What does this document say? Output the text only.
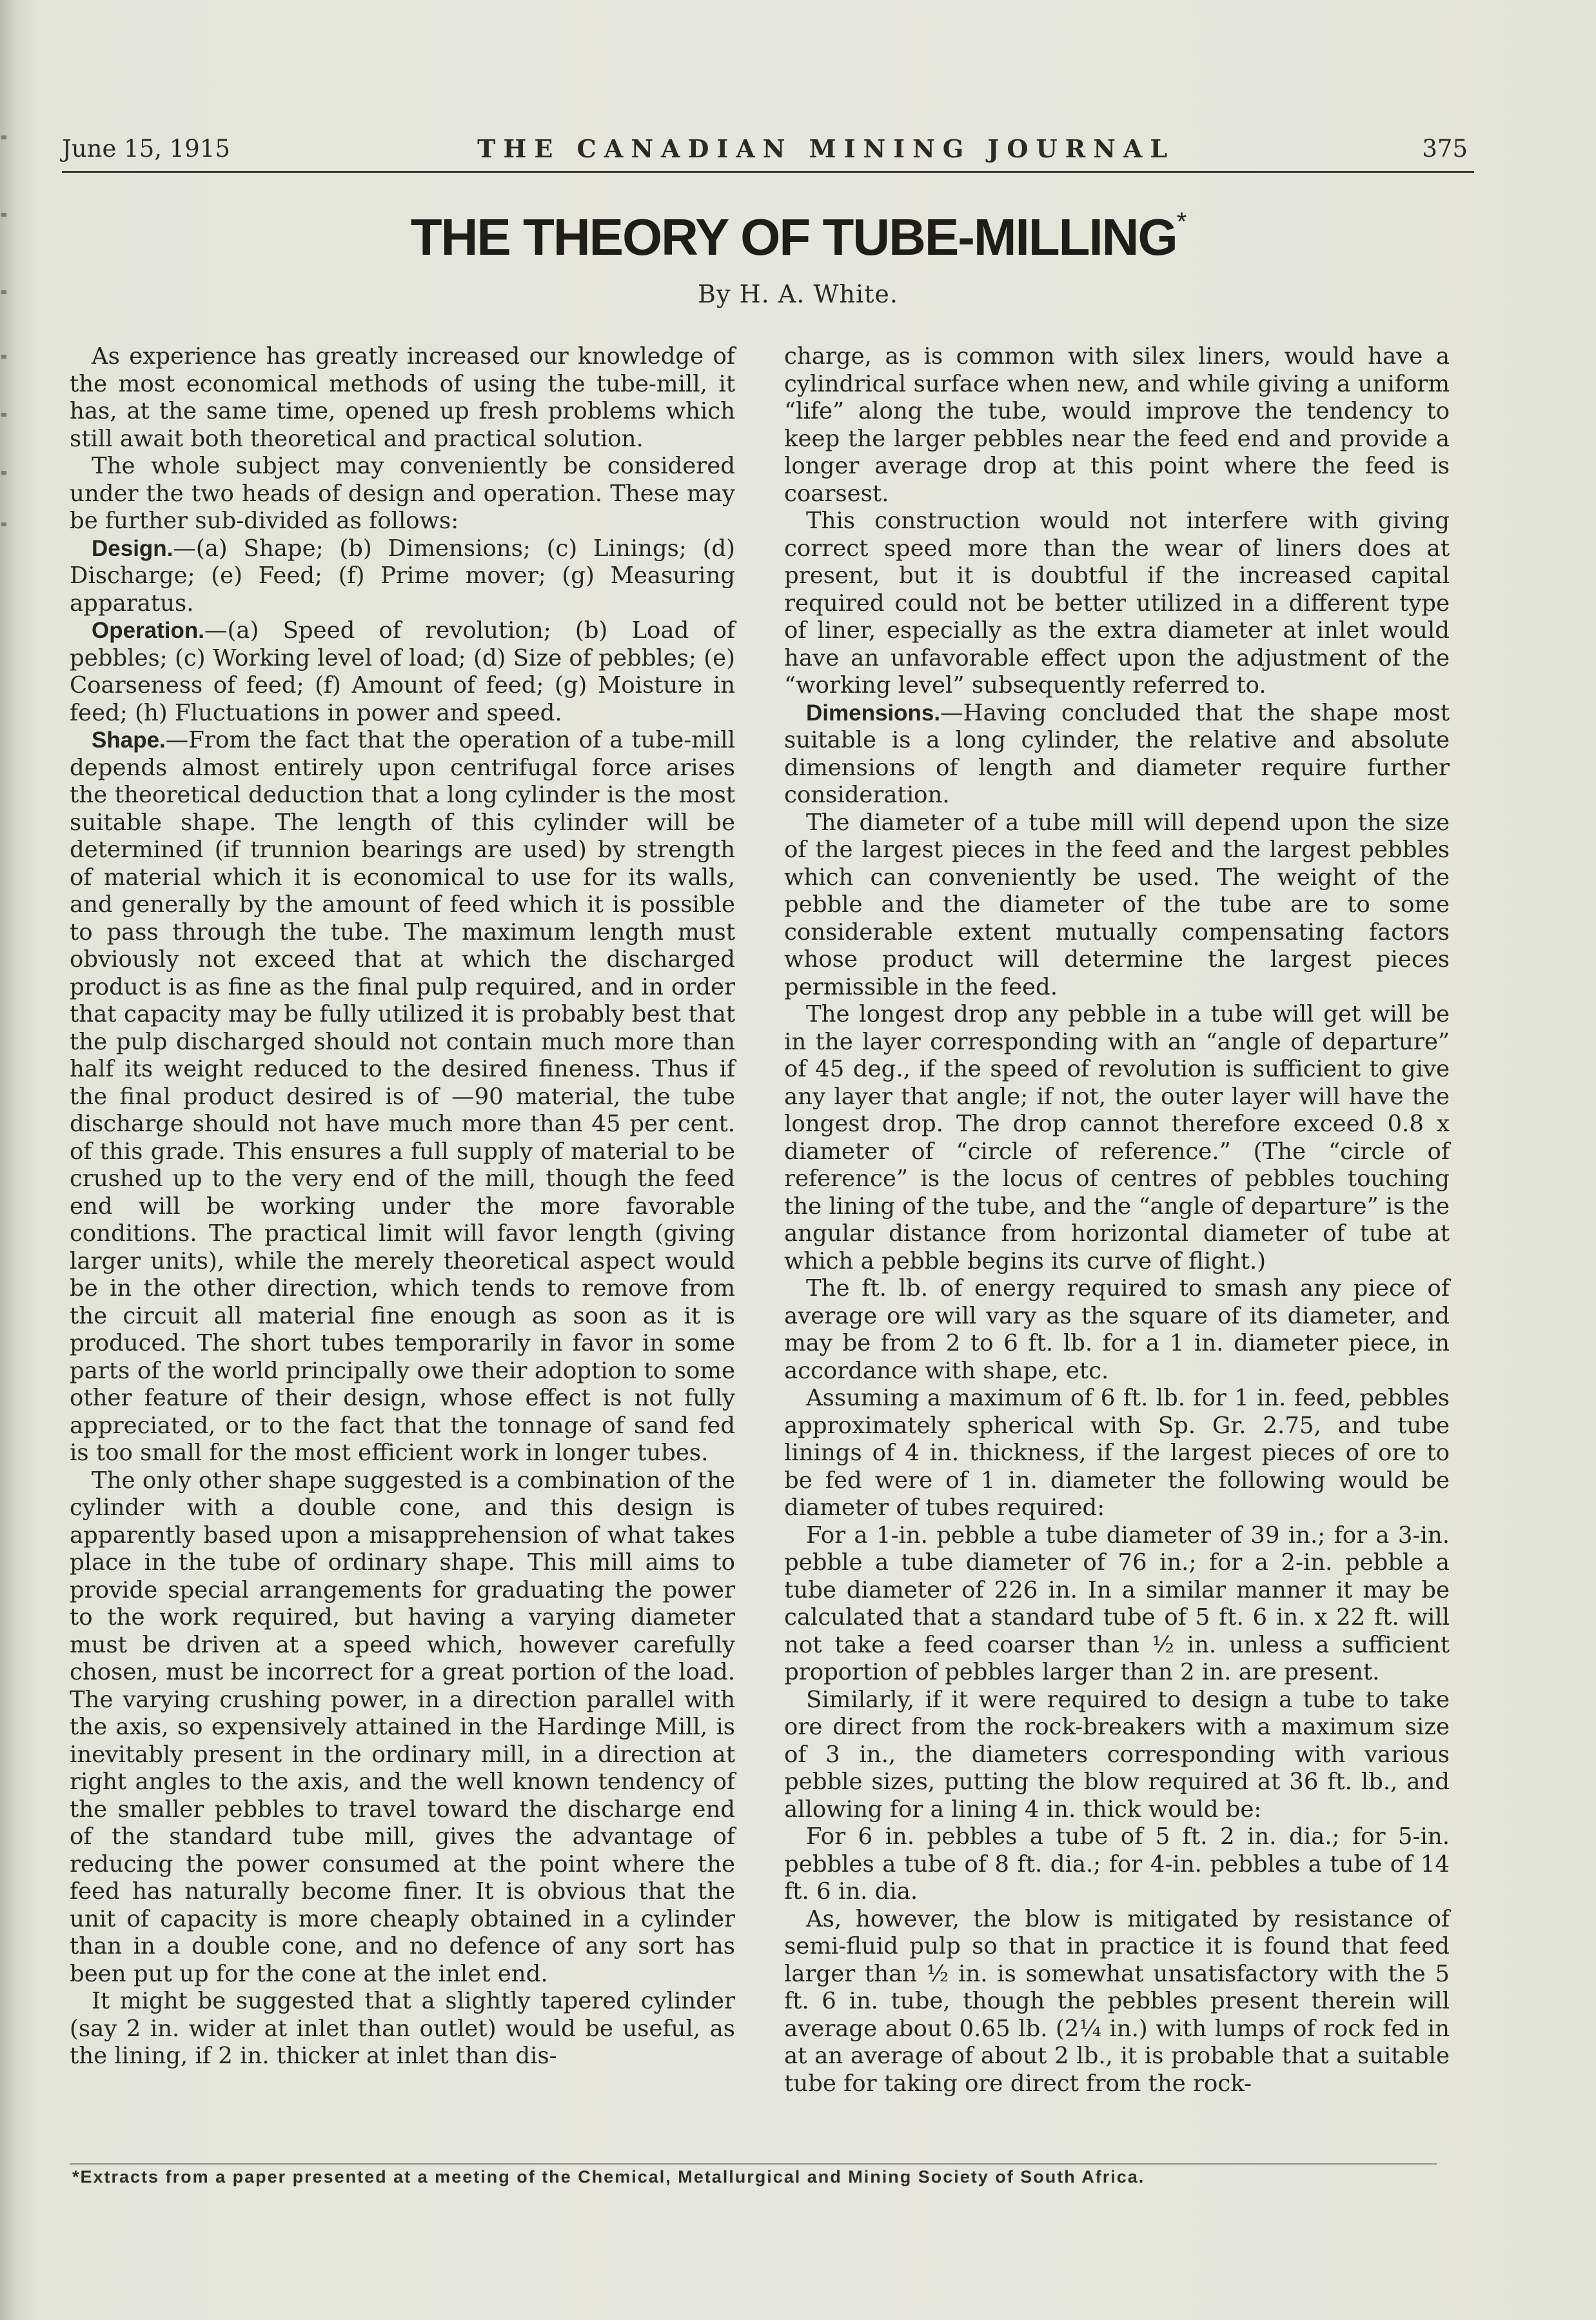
June 15, 1915	THE CANADIAN MINING JOURNAL	375
THE THEORY OF TUBE-MILLING*
By H. A. White.

As experience has greatly increased our knowledge of the most economical methods of using the tube-mill, it has, at the same time, opened up fresh problems which still await both theoretical and practical solution.

The whole subject may conveniently be considered under the two heads of design and operation. These may be further sub-divided as follows:

Design.—(a) Shape; (b) Dimensions; (c) Linings; (d) Discharge; (e) Feed; (f) Prime mover; (g) Measuring apparatus.

Operation.—(a) Speed of revolution; (b) Load of pebbles; (c) Working level of load; (d) Size of pebbles; (e) Coarseness of feed; (f) Amount of feed; (g) Moisture in feed; (h) Fluctuations in power and speed.

Shape.—From the fact that the operation of a tube-mill depends almost entirely upon centrifugal force arises the theoretical deduction that a long cylinder is the most suitable shape. The length of this cylinder will be determined (if trunnion bearings are used) by strength of material which it is economical to use for its walls, and generally by the amount of feed which it is possible to pass through the tube. The maximum length must obviously not exceed that at which the discharged product is as fine as the final pulp required, and in order that capacity may be fully utilized it is probably best that the pulp discharged should not contain much more than half its weight reduced to the desired fineness. Thus if the final product desired is of —90 material, the tube discharge should not have much more than 45 per cent. of this grade. This ensures a full supply of material to be crushed up to the very end of the mill, though the feed end will be working under the more favorable conditions. The practical limit will favor length (giving larger units), while the merely theoretical aspect would be in the other direction, which tends to remove from the circuit all material fine enough as soon as it is produced. The short tubes temporarily in favor in some parts of the world principally owe their adoption to some other feature of their design, whose effect is not fully appreciated, or to the fact that the tonnage of sand fed is too small for the most efficient work in longer tubes.

The only other shape suggested is a combination of the cylinder with a double cone, and this design is apparently based upon a misapprehension of what takes place in the tube of ordinary shape. This mill aims to provide special arrangements for graduating the power to the work required, but having a varying diameter must be driven at a speed which, however carefully chosen, must be incorrect for a great portion of the load. The varying crushing power, in a direction parallel with the axis, so expensively attained in the Hardinge Mill, is inevitably present in the ordinary mill, in a direction at right angles to the axis, and the well known tendency of the smaller pebbles to travel toward the discharge end of the standard tube mill, gives the advantage of reducing the power consumed at the point where the feed has naturally become finer. It is obvious that the unit of capacity is more cheaply obtained in a cylinder than in a double cone, and no defence of any sort has been put up for the cone at the inlet end.

It might be suggested that a slightly tapered cylinder (say 2 in. wider at inlet than outlet) would be useful, as the lining, if 2 in. thicker at inlet than dis-

charge, as is common with silex liners, would have a cylindrical surface when new, and while giving a uniform “life” along the tube, would improve the tendency to keep the larger pebbles near the feed end and provide a longer average drop at this point where the feed is coarsest.

This construction would not interfere with giving correct speed more than the wear of liners does at present, but it is doubtful if the increased capital required could not be better utilized in a different type of liner, especially as the extra diameter at inlet would have an unfavorable effect upon the adjustment of the “working level” subsequently referred to.

Dimensions.—Having concluded that the shape most suitable is a long cylinder, the relative and absolute dimensions of length and diameter require further consideration.

The diameter of a tube mill will depend upon the size of the largest pieces in the feed and the largest pebbles which can conveniently be used. The weight of the pebble and the diameter of the tube are to some considerable extent mutually compensating factors whose product will determine the largest pieces permissible in the feed.

The longest drop any pebble in a tube will get will be in the layer corresponding with an “angle of departure” of 45 deg., if the speed of revolution is sufficient to give any layer that angle; if not, the outer layer will have the longest drop. The drop cannot therefore exceed 0.8 x diameter of “circle of reference.” (The “circle of reference” is the locus of centres of pebbles touching the lining of the tube, and the “angle of departure” is the angular distance from horizontal diameter of tube at which a pebble begins its curve of flight.)

The ft. lb. of energy required to smash any piece of average ore will vary as the square of its diameter, and may be from 2 to 6 ft. lb. for a 1 in. diameter piece, in accordance with shape, etc.

Assuming a maximum of 6 ft. lb. for 1 in. feed, pebbles approximately spherical with Sp. Gr. 2.75, and tube linings of 4 in. thickness, if the largest pieces of ore to be fed were of 1 in. diameter the following would be diameter of tubes required:

For a 1-in. pebble a tube diameter of 39 in.; for a 3-in. pebble a tube diameter of 76 in.; for a 2-in. pebble a tube diameter of 226 in. In a similar manner it may be calculated that a standard tube of 5 ft. 6 in. x 22 ft. will not take a feed coarser than ½ in. unless a sufficient proportion of pebbles larger than 2 in. are present.

Similarly, if it were required to design a tube to take ore direct from the rock-breakers with a maximum size of 3 in., the diameters corresponding with various pebble sizes, putting the blow required at 36 ft. lb., and allowing for a lining 4 in. thick would be:

For 6 in. pebbles a tube of 5 ft. 2 in. dia.; for 5-in. pebbles a tube of 8 ft. dia.; for 4-in. pebbles a tube of 14 ft. 6 in. dia.

As, however, the blow is mitigated by resistance of semi-fluid pulp so that in practice it is found that feed larger than ½ in. is somewhat unsatisfactory with the 5 ft. 6 in. tube, though the pebbles present therein will average about 0.65 lb. (2¼ in.) with lumps of rock fed in at an average of about 2 lb., it is probable that a suitable tube for taking ore direct from the rock-

*Extracts from a paper presented at a meeting of the Chemical, Metallurgical and Mining Society of South Africa.
